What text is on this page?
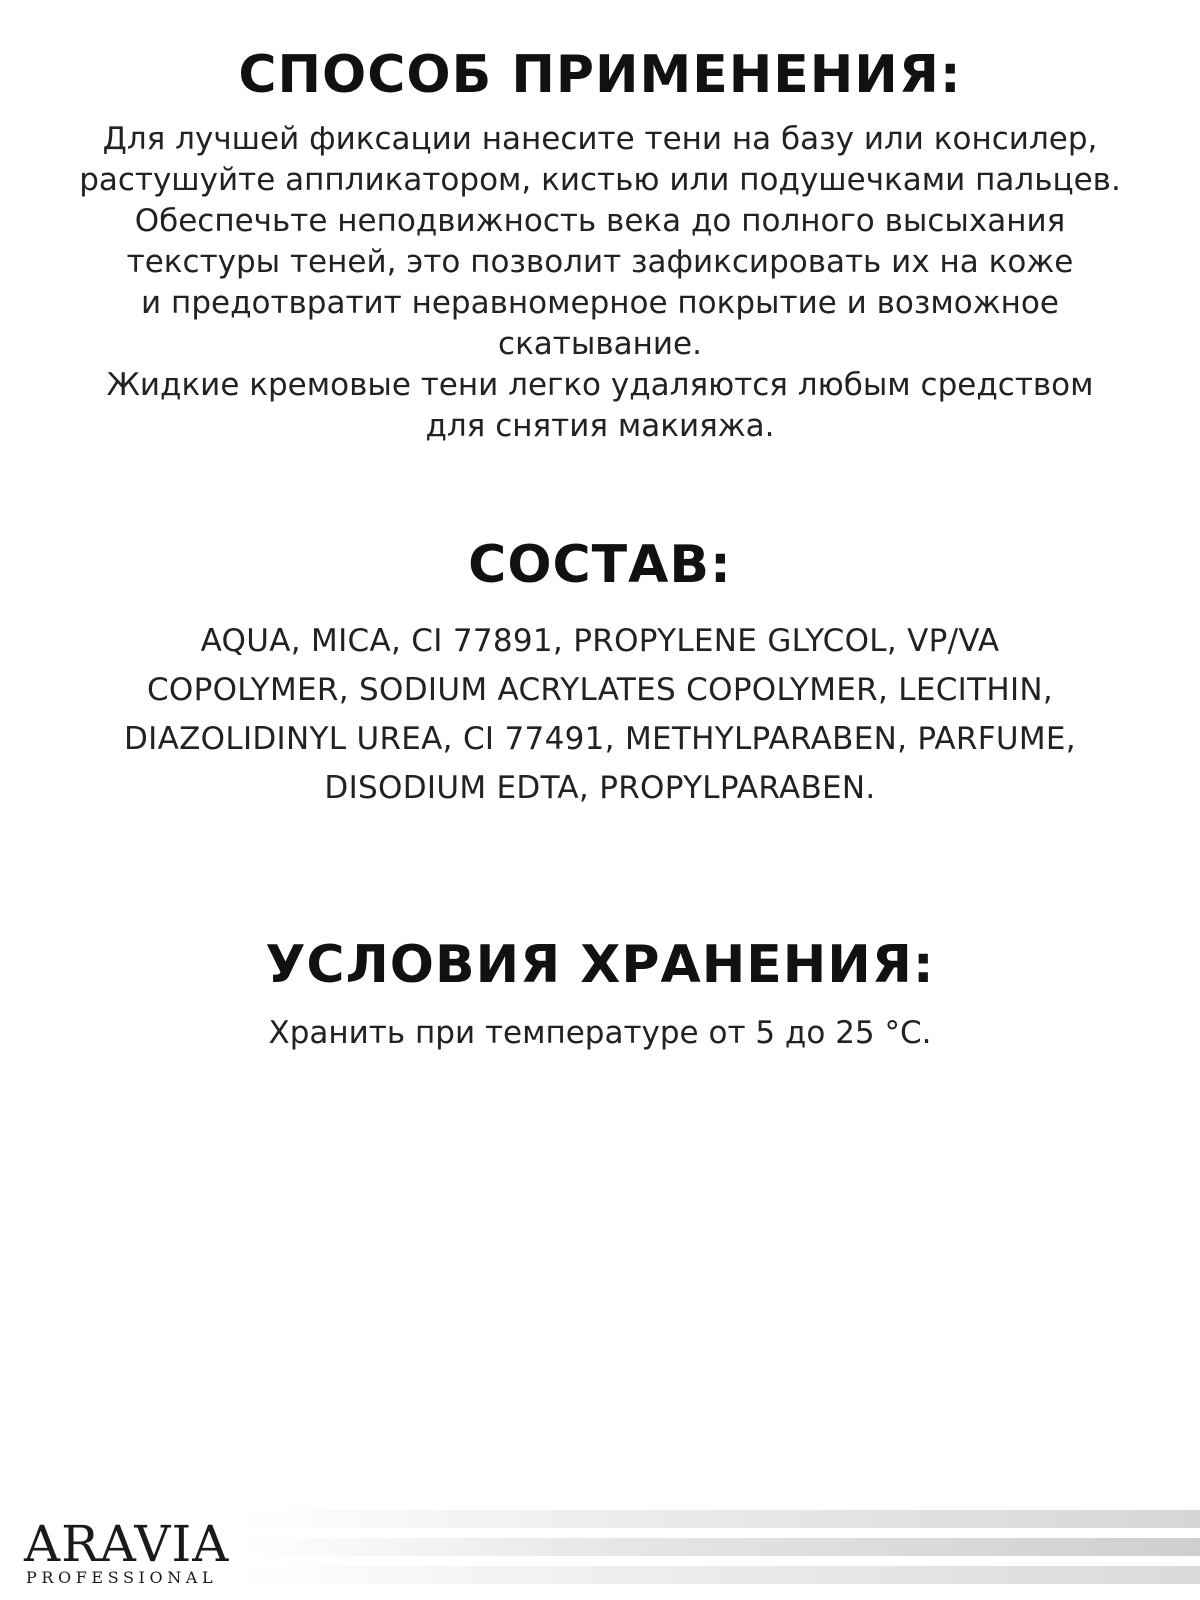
СПОСОБ ПРИМЕНЕНИЯ:

Для лучшей фиксации нанесите тени на базу или консилер,
растушуйте аппликатором, кистью или подушечками пальцев.
Обеспечьте неподвижность века до полного высыхания
текстуры теней, это позволит зафиксировать их на коже
и предотвратит неравномерное покрытие и возможное
скатывание.
Жидкие кремовые тени легко удаляются любым средством
для снятия макияжа.

СОСТАВ:

AQUA, MICA, CI 77891, PROPYLENE GLYCOL, VP/VA
COPOLYMER, SODIUM ACRYLATES COPOLYMER, LECITHIN,
DIAZOLIDINYL UREA, CI 77491, METHYLPARABEN, PARFUME,
DISODIUM EDTA, PROPYLPARABEN.

УСЛОВИЯ ХРАНЕНИЯ:

Хранить при температуре от 5 до 25 °C.

ARAVIA
PROFESSIONAL
